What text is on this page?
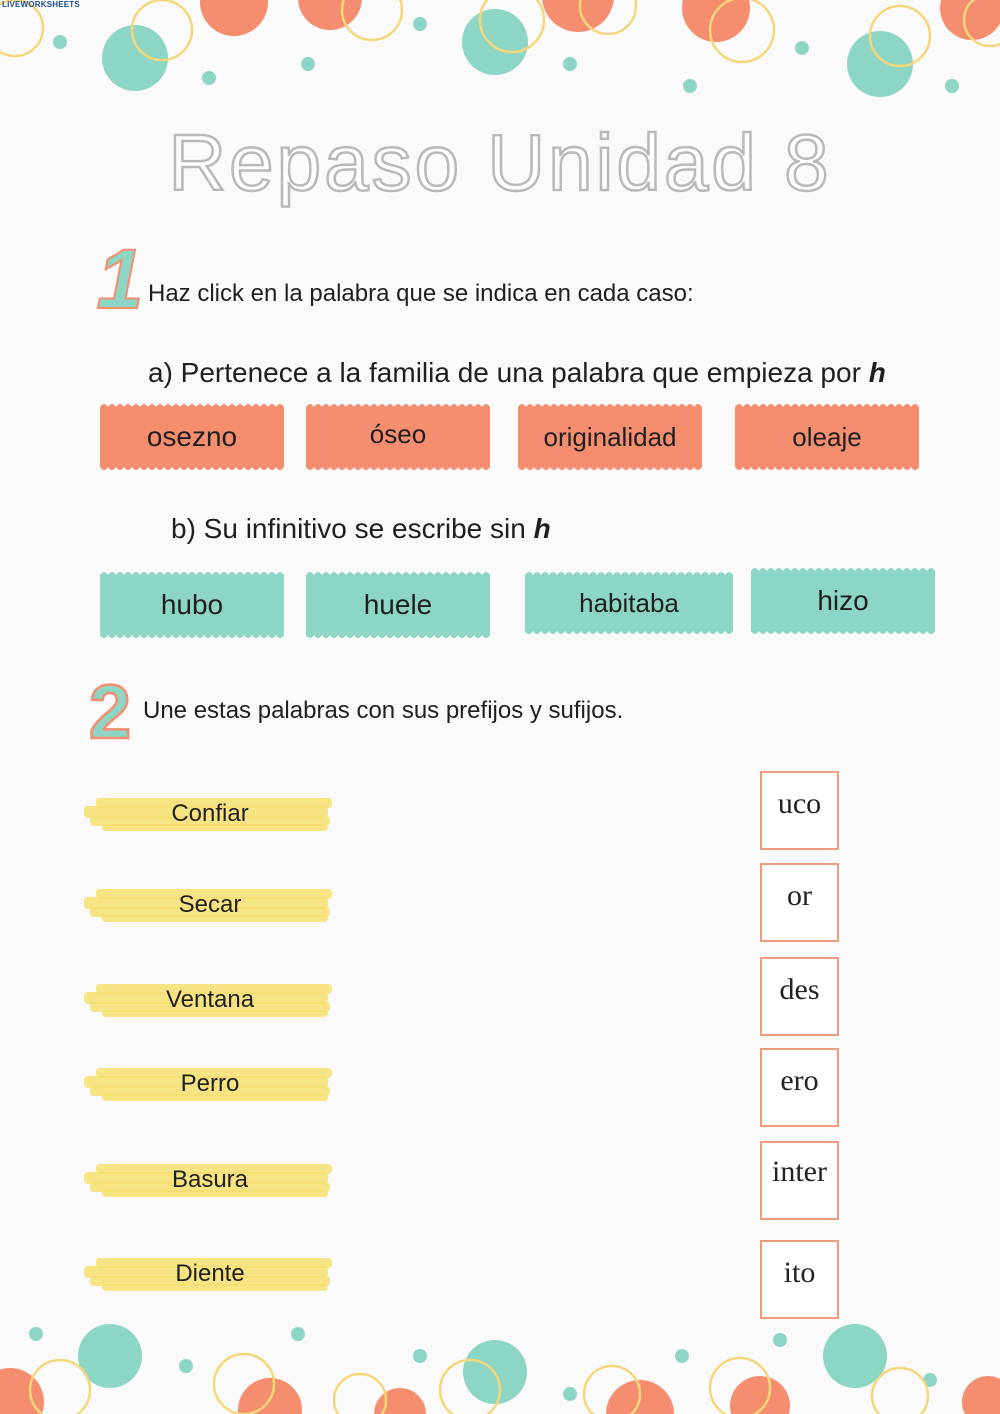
LIVEWORKSHEETS
Repaso Unidad 8
1 Haz click en la palabra que se indica en cada caso:
a) Pertenece a la familia de una palabra que empieza por h
osezno	óseo	originalidad	oleaje
b) Su infinitivo se escribe sin h
hubo	huele	habitaba	hizo
2 Une estas palabras con sus prefijos y sufijos.
Confiar
Secar
Ventana
Perro
Basura
Diente
uco
or
des
ero
inter
ito
